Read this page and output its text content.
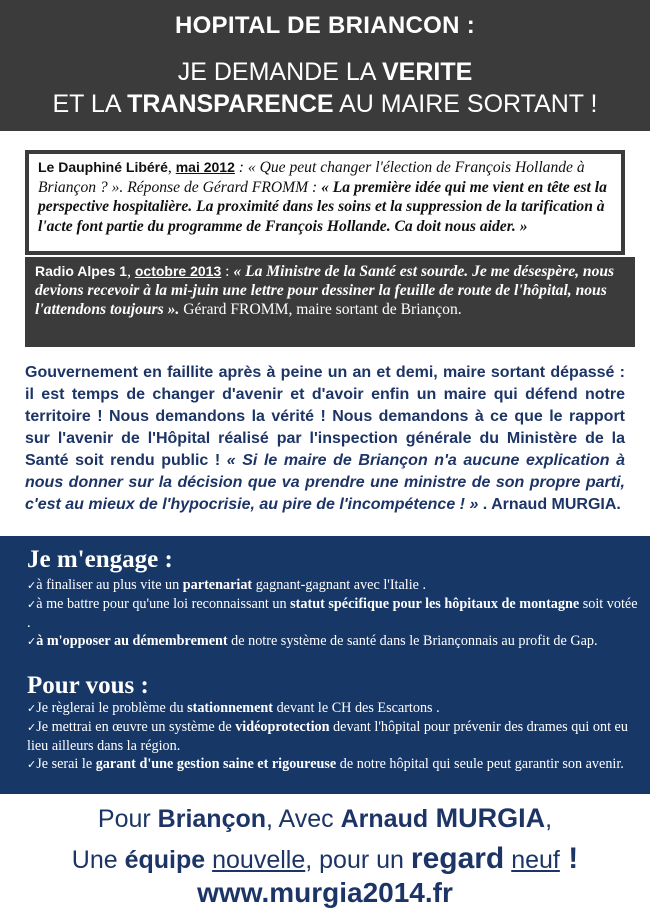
HOPITAL DE BRIANCON :
JE DEMANDE LA VERITE
ET LA TRANSPARENCE AU MAIRE SORTANT !
Le Dauphiné Libéré, mai 2012 : « Que peut changer l'élection de François Hollande à Briançon ? ». Réponse de Gérard FROMM : « La première idée qui me vient en tête est la perspective hospitalière. La proximité dans les soins et la suppression de la tarification à l'acte font partie du programme de François Hollande. Ca doit nous aider. »
Radio Alpes 1, octobre 2013 : « La Ministre de la Santé est sourde. Je me désespère, nous devions recevoir à la mi-juin une lettre pour dessiner la feuille de route de l'hôpital, nous l'attendons toujours ». Gérard FROMM, maire sortant de Briançon.
Gouvernement en faillite après à peine un an et demi, maire sortant dépassé : il est temps de changer d'avenir et d'avoir enfin un maire qui défend notre territoire ! Nous demandons la vérité ! Nous demandons à ce que le rapport sur l'avenir de l'Hôpital réalisé par l'inspection générale du Ministère de la Santé soit rendu public ! « Si le maire de Briançon n'a aucune explication à nous donner sur la décision que va prendre une ministre de son propre parti, c'est au mieux de l'hypocrisie, au pire de l'incompétence ! » . Arnaud MURGIA.
Je m'engage :

✓à finaliser au plus vite un partenariat gagnant-gagnant avec l'Italie .

✓à me battre pour qu'une loi reconnaissant un statut spécifique pour les hôpitaux de montagne soit votée .

✓à m'opposer au démembrement de notre système de santé dans le Briançonnais au profit de Gap.

Pour vous :

✓Je règlerai le problème du stationnement devant le CH des Escartons .

✓Je mettrai en œuvre un système de vidéoprotection devant l'hôpital pour prévenir des drames qui ont eu lieu ailleurs dans la région.

✓Je serai le garant d'une gestion saine et rigoureuse de notre hôpital qui seule peut garantir son avenir.

Pour Briançon, Avec Arnaud MURGIA,
Une équipe nouvelle, pour un regard neuf !
www.murgia2014.fr
